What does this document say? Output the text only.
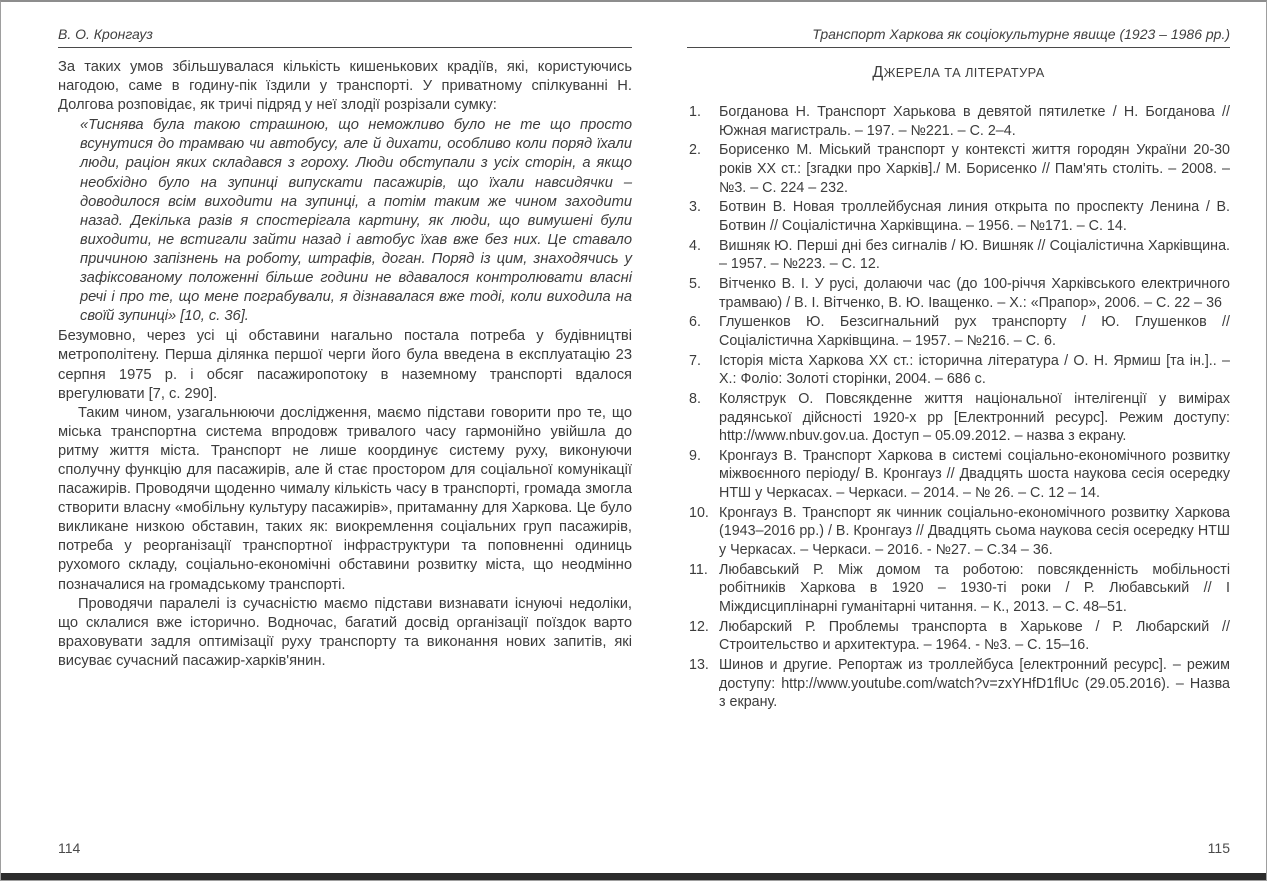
В. О. Кронгауз

За таких умов збільшувалася кількість кишенькових крадіїв, які, користуючись нагодою, саме в годину-пік їздили у транспорті. У приватному спілкуванні Н. Долгова розповідає, як тричі підряд у неї злодії розрізали сумку:

«Тиснява була такою страшною, що неможливо було не те що просто всунутися до трамваю чи автобусу, але й дихати, особливо коли поряд їхали люди, раціон яких складався з гороху. Люди обступали з усіх сторін, а якщо необхідно було на зупинці випускати пасажирів, що їхали навсидячки – доводилося всім виходити на зупинці, а потім таким же чином заходити назад. Декілька разів я спостерігала картину, як люди, що вимушені були виходити, не встигали зайти назад і автобус їхав вже без них. Це ставало причиною запізнень на роботу, штрафів, доган. Поряд із цим, знаходячись у зафіксованому положенні більше години не вдавалося контролювати власні речі і про те, що мене пограбували, я дізнавалася вже тоді, коли виходила на своїй зупинці» [10, с. 36].

Безумовно, через усі ці обставини нагально постала потреба у будівництві метрополітену. Перша ділянка першої черги його була введена в експлуатацію 23 серпня 1975 р. і обсяг пасажиропотоку в наземному транспорті вдалося врегулювати [7, с. 290].

Таким чином, узагальнюючи дослідження, маємо підстави говорити про те, що міська транспортна система впродовж тривалого часу гармонійно увійшла до ритму життя міста. Транспорт не лише координує систему руху, виконуючи сполучну функцію для пасажирів, але й стає простором для соціальної комунікації пасажирів. Проводячи щоденно чималу кількість часу в транспорті, громада змогла створити власну «мобільну культуру пасажирів», притаманну для Харкова. Це було викликане низкою обставин, таких як: виокремлення соціальних груп пасажирів, потреба у реорганізації транспортної інфраструктури та поповненні одиниць рухомого складу, соціально-економічні обставини розвитку міста, що неодмінно позначалися на громадському транспорті.

Проводячи паралелі із сучасністю маємо підстави визнавати існуючі недоліки, що склалися вже історично. Водночас, багатий досвід організації поїздок варто враховувати задля оптимізації руху транспорту та виконання нових запитів, які висуває сучасний пасажир-харків'янин.

114
Транспорт Харкова як соціокультурне явище (1923 – 1986 рр.)
ДЖЕРЕЛА ТА ЛІТЕРАТУРА
1. Богданова Н. Транспорт Харькова в девятой пятилетке / Н. Богданова // Южная магистраль. – 197. – №221. – С. 2–4.
2. Борисенко М. Міський транспорт у контексті життя городян України 20-30 років ХХ ст.: [згадки про Харків]./ М. Борисенко // Пам'ять століть. – 2008. – №3. – С. 224 – 232.
3. Ботвин В. Новая троллейбусная линия открыта по проспекту Ленина / В. Ботвин // Соціалістична Харківщина. – 1956. – №171. – С. 14.
4. Вишняк Ю. Перші дні без сигналів / Ю. Вишняк // Соціалістична Харківщина. – 1957. – №223. – С. 12.
5. Вітченко В. І. У русі, долаючи час (до 100-річчя Харківського електричного трамваю) / В. І. Вітченко, В. Ю. Іващенко. – Х.: «Прапор», 2006. – С. 22 – 36
6. Глушенков Ю. Безсигнальний рух транспорту / Ю. Глушенков // Соціалістична Харківщина. – 1957. – №216. – С. 6.
7. Історія міста Харкова ХХ ст.: історична література / О. Н. Ярмиш [та ін.].. – Х.: Фоліо: Золоті сторінки, 2004. – 686 с.
8. Коляструк О. Повсякденне життя національної інтелігенції у вимірах радянської дійсності 1920-х рр [Електронний ресурс]. Режим доступу: http://www.nbuv.gov.ua. Доступ – 05.09.2012. – назва з екрану.
9. Кронгауз В. Транспорт Харкова в системі соціально-економічного розвитку міжвоєнного періоду/ В. Кронгауз // Двадцять шоста наукова сесія осередку НТШ у Черкасах. – Черкаси. – 2014. – № 26. – С. 12 – 14.
10. Кронгауз В. Транспорт як чинник соціально-економічного розвитку Харкова (1943–2016 рр.) / В. Кронгауз // Двадцять сьома наукова сесія осередку НТШ у Черкасах. – Черкаси. – 2016. - №27. – С.34 – 36.
11. Любавський Р. Між домом та роботою: повсякденність мобільності робітників Харкова в 1920 – 1930-ті роки / Р. Любавський // І Міждисциплінарні гуманітарні читання. – К., 2013. – С. 48–51.
12. Любарский Р. Проблемы транспорта в Харькове / Р. Любарский // Строительство и архитектура. – 1964. - №3. – С. 15–16.
13. Шинов и другие. Репортаж из троллейбуса [електронний ресурс]. – режим доступу: http://www.youtube.com/watch?v=zxYHfD1flUc (29.05.2016). – Назва з екрану.
115
